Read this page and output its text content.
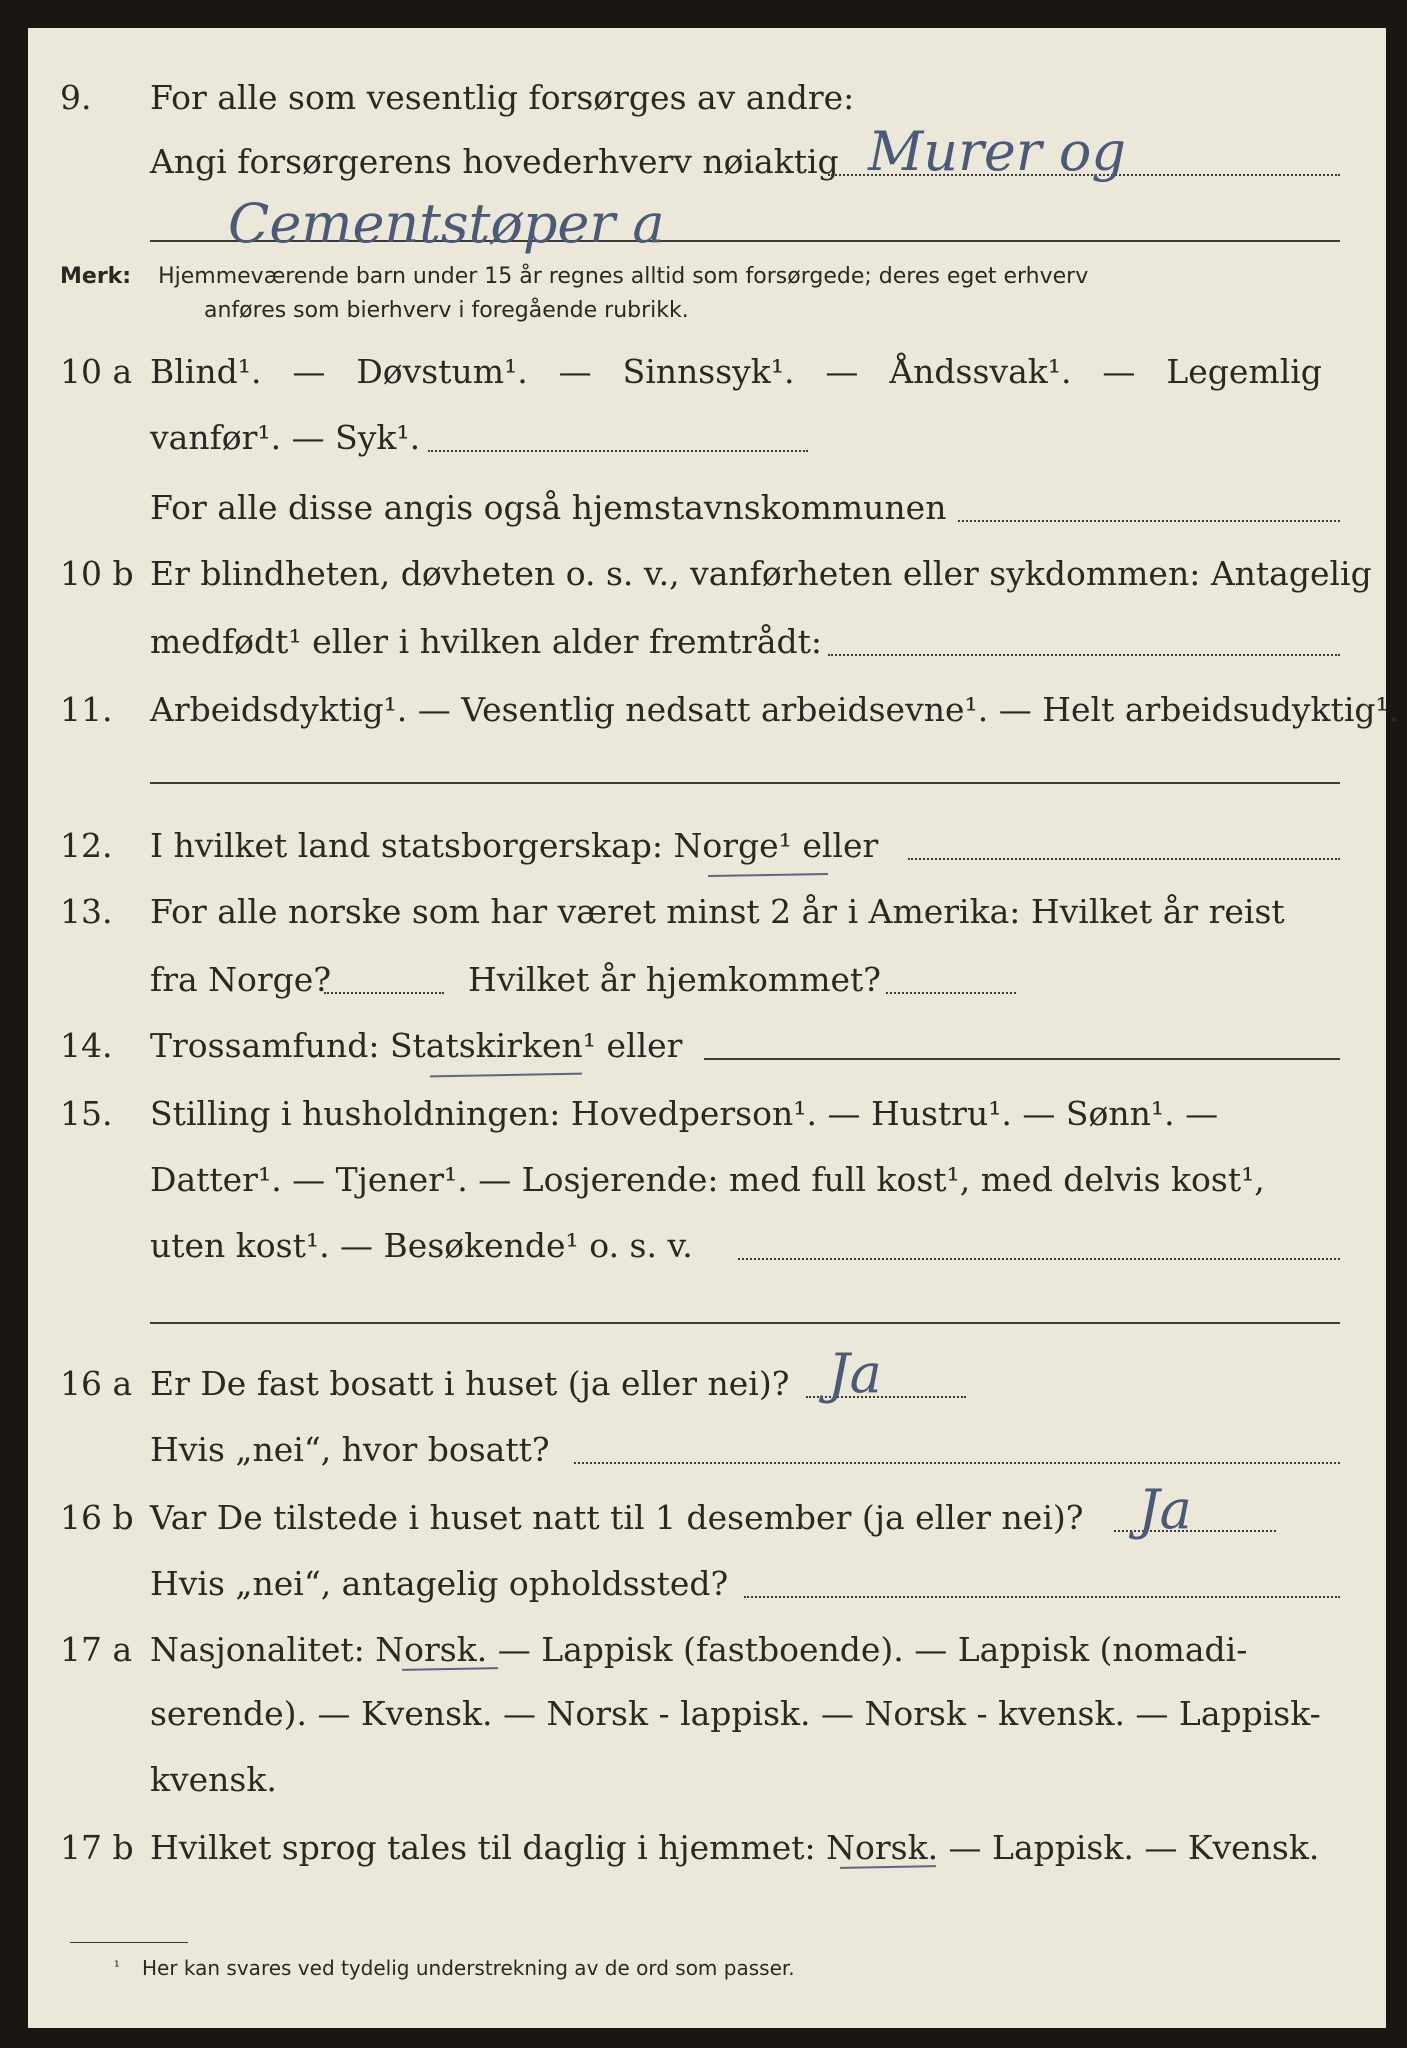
9. For alle som vesentlig forsørges av andre:
Angi forsørgerens hovederhverv nøiaktig Murer og
Cementstøper a
Merk: Hjemmeværende barn under 15 år regnes alltid som forsørgede; deres eget erhverv
anføres som bierhverv i foregående rubrikk.
10 a Blind¹. — Døvstum¹. — Sinnssyk¹. — Åndssvak¹. — Legemlig
vanfør¹. — Syk¹.
For alle disse angis også hjemstavnskommunen
10 b Er blindheten, døvheten o. s. v., vanførheten eller sykdommen: Antagelig
medfødt¹ eller i hvilken alder fremtrådt:
11. Arbeidsdyktig¹. — Vesentlig nedsatt arbeidsevne¹. — Helt arbeidsudyktig¹.
12. I hvilket land statsborgerskap: Norge¹ eller
13. For alle norske som har været minst 2 år i Amerika: Hvilket år reist
fra Norge?	Hvilket år hjemkommet?
14. Trossamfund: Statskirken¹ eller
15. Stilling i husholdningen: Hovedperson¹. — Hustru¹. — Sønn¹. —
Datter¹. — Tjener¹. — Losjerende: med full kost¹, med delvis kost¹,
uten kost¹. — Besøkende¹ o. s. v.
16 a Er De fast bosatt i huset (ja eller nei)? Ja
Hvis „nei“, hvor bosatt?
16 b Var De tilstede i huset natt til 1 desember (ja eller nei)? Ja
Hvis „nei“, antagelig opholdssted?
17 a Nasjonalitet: Norsk. — Lappisk (fastboende). — Lappisk (nomadi-
serende). — Kvensk. — Norsk - lappisk. — Norsk - kvensk. — Lappisk-
kvensk.
17 b Hvilket sprog tales til daglig i hjemmet: Norsk. — Lappisk. — Kvensk.
$^{^1}$ Her kan svares ved tydelig understrekning av de ord som passer.
